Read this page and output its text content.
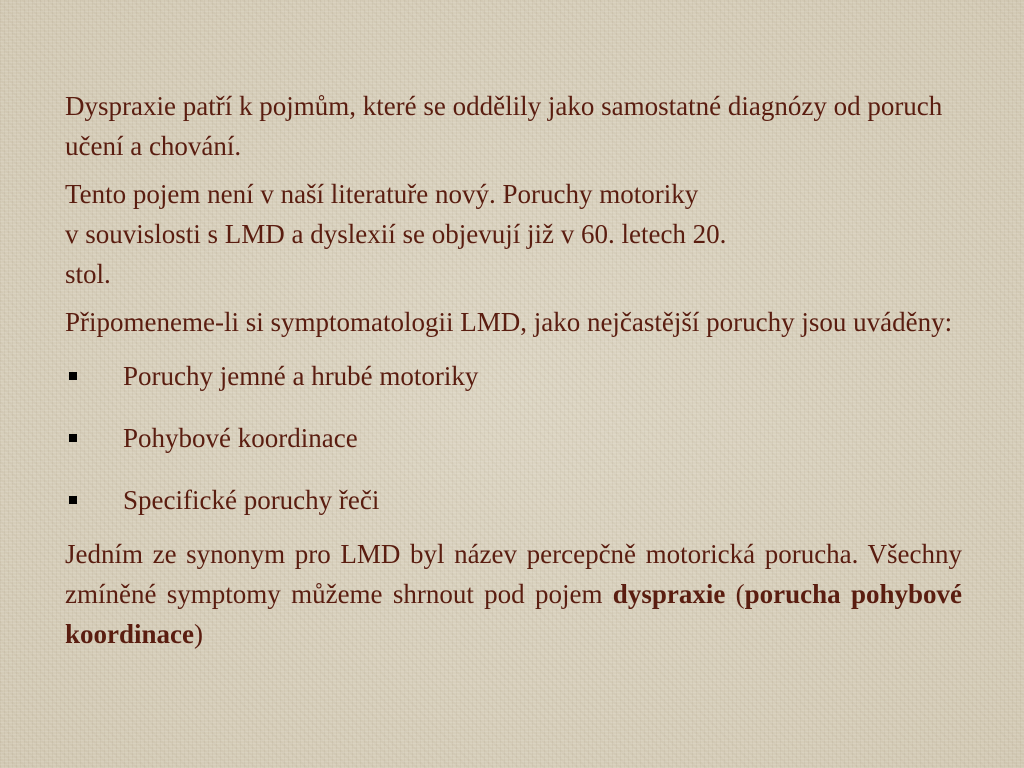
Dyspraxie patří k pojmům, které se oddělily jako samostatné diagnózy od poruch učení a chování.

Tento pojem není v naší literatuře nový. Poruchy motoriky
v souvislosti s LMD a dyslexií se objevují již v 60. letech 20.
stol.

Připomeneme-li si symptomatologii LMD, jako nejčastější poruchy jsou uváděny:

Poruchy jemné a hrubé motoriky
Pohybové koordinace
Specifické poruchy řeči

Jedním ze synonym pro LMD byl název percepčně motorická porucha. Všechny zmíněné symptomy můžeme shrnout pod pojem dyspraxie (porucha pohybové koordinace)
